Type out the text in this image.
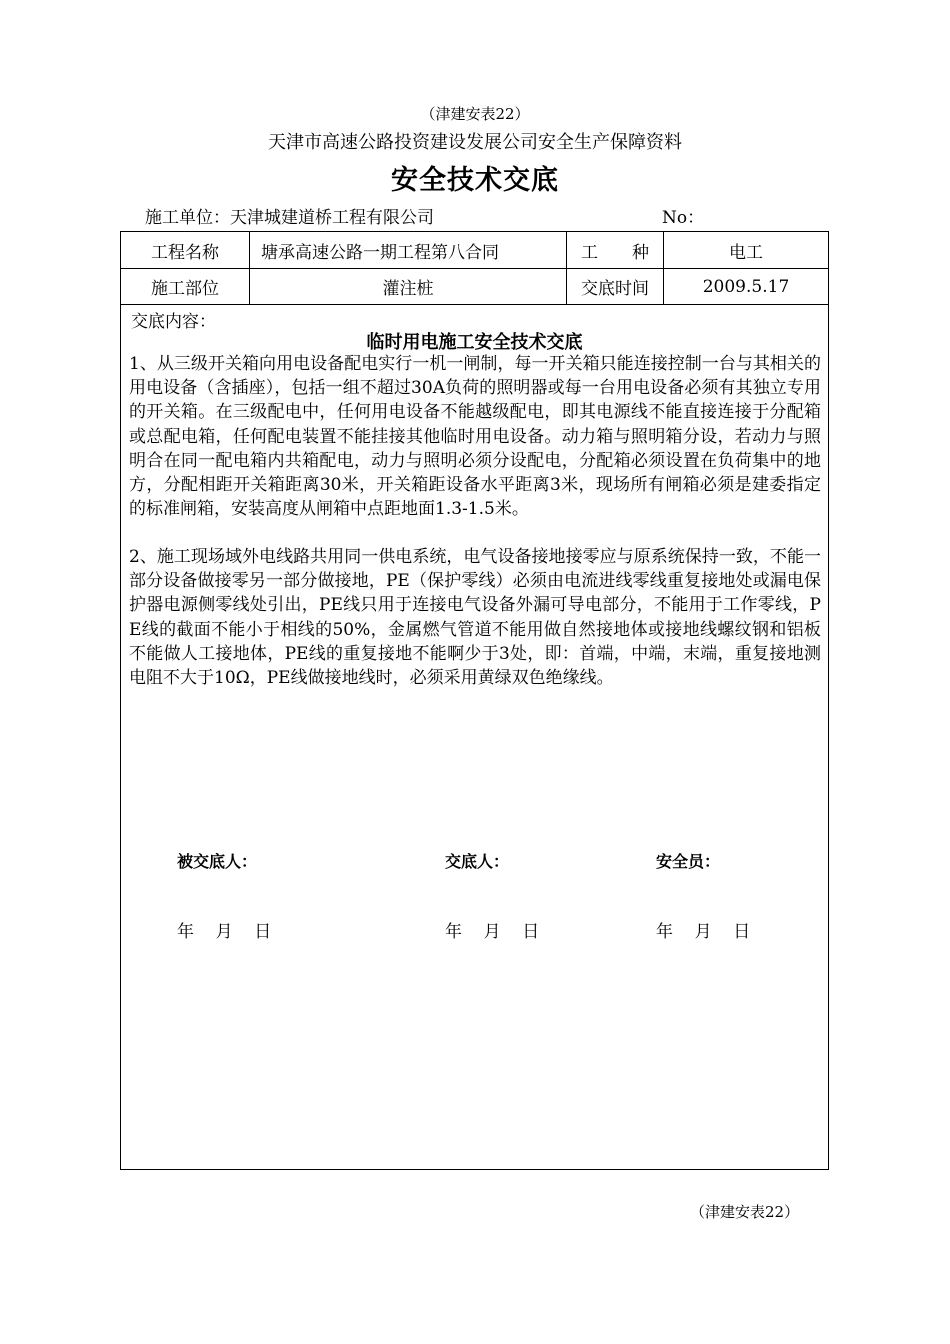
（津建安表22）
天津市高速公路投资建设发展公司安全生产保障资料
安全技术交底
施工单位：天津城建道桥工程有限公司	No：
工程名称	塘承高速公路一期工程第八合同	工　　种	电工
施工部位	灌注桩	交底时间	2009.5.17
交底内容：
临时用电施工安全技术交底
1、从三级开关箱向用电设备配电实行一机一闸制，每一开关箱只能连接控制一台与其相关的用电设备（含插座），包括一组不超过30A负荷的照明器或每一台用电设备必须有其独立专用的开关箱。在三级配电中，任何用电设备不能越级配电，即其电源线不能直接连接于分配箱或总配电箱，任何配电装置不能挂接其他临时用电设备。动力箱与照明箱分设，若动力与照明合在同一配电箱内共箱配电，动力与照明必须分设配电，分配箱必须设置在负荷集中的地方，分配相距开关箱距离30米，开关箱距设备水平距离3米，现场所有闸箱必须是建委指定的标准闸箱，安装高度从闸箱中点距地面1.3-1.5米。
2、施工现场域外电线路共用同一供电系统，电气设备接地接零应与原系统保持一致，不能一部分设备做接零另一部分做接地，PE（保护零线）必须由电流进线零线重复接地处或漏电保护器电源侧零线处引出，PE线只用于连接电气设备外漏可导电部分，不能用于工作零线，PE线的截面不能小于相线的50%，金属燃气管道不能用做自然接地体或接地线螺纹钢和铝板不能做人工接地体，PE线的重复接地不能啊少于3处，即：首端，中端，末端，重复接地测电阻不大于10Ω，PE线做接地线时，必须采用黄绿双色绝缘线。
被交底人：	交底人：	安全员：
年    月    日	年    月    日	年    月    日
（津建安表22）
